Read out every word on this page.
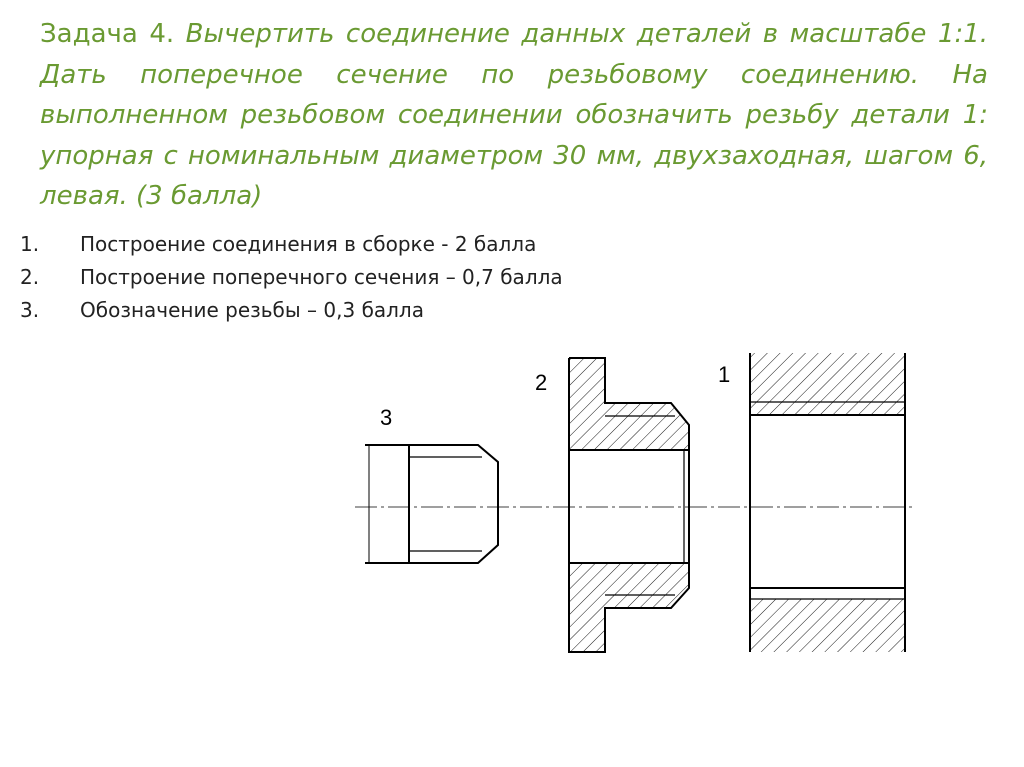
Задача 4. Вычертить соединение данных деталей в масштабе 1:1. Дать поперечное сечение по резьбовому соединению. На выполненном резьбовом соединении обозначить резьбу детали 1: упорная с номинальным диаметром 30 мм, двухзаходная, шагом 6, левая. (3 балла)
1.	Построение соединения в сборке - 2 балла
2.	Построение поперечного сечения – 0,7 балла
3.	Обозначение резьбы – 0,3 балла
3
2	1
